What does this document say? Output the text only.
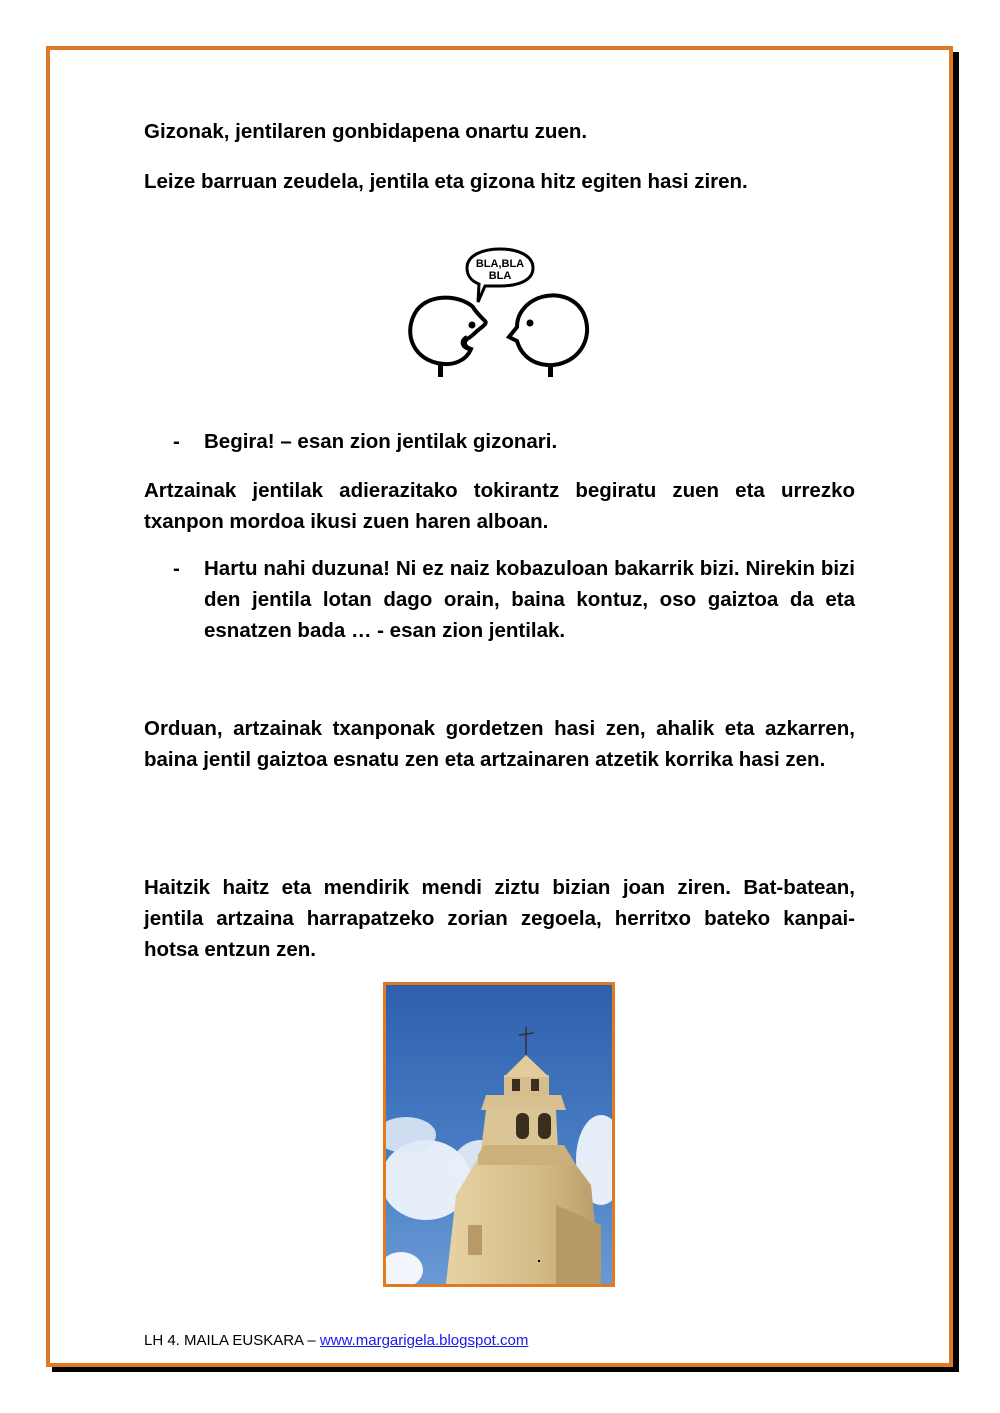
Gizonak, jentilaren gonbidapena onartu zuen.

Leize barruan zeudela, jentila eta gizona hitz egiten hasi ziren.

BLA,BLA
BLA
-	Begira! – esan zion jentilak gizonari.

Artzainak jentilak adierazitako tokirantz begiratu zuen eta urrezko txanpon mordoa ikusi zuen haren alboan.

-	Hartu nahi duzuna! Ni ez naiz kobazuloan bakarrik bizi. Nirekin bizi den jentila lotan dago orain, baina kontuz, oso gaiztoa da eta esnatzen bada … - esan zion jentilak.

Orduan, artzainak txanponak gordetzen hasi zen, ahalik eta azkarren, baina jentil gaiztoa esnatu zen eta artzainaren atzetik korrika hasi zen.

Haitzik haitz eta mendirik mendi ziztu bizian joan ziren. Bat-batean, jentila artzaina harrapatzeko zorian zegoela, herritxo bateko kanpai-hotsa entzun zen.

LH 4. MAILA EUSKARA – www.margarigela.blogspot.com
